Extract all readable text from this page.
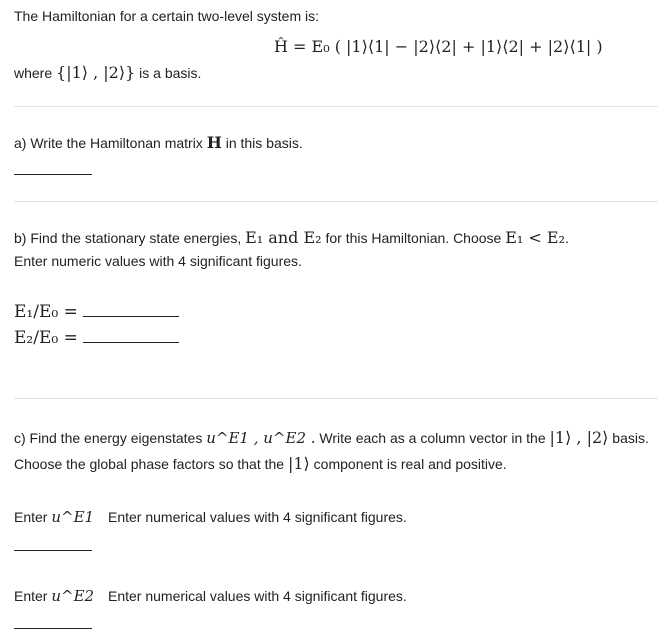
The Hamiltonian for a certain two-level system is:
Ĥ = E₀ ( |1⟩⟨1| − |2⟩⟨2| + |1⟩⟨2| + |2⟩⟨1| )
where {|1⟩ , |2⟩} is a basis.
a) Write the Hamiltonan matrix H in this basis.
b) Find the stationary state energies, E₁ and E₂ for this Hamiltonian. Choose E₁ < E₂.
Enter numeric values with 4 significant figures.
E₁/E₀ =
E₂/E₀ =
c) Find the energy eigenstates u^E1 , u^E2 . Write each as a column vector in the |1⟩ , |2⟩ basis.
Choose the global phase factors so that the |1⟩ component is real and positive.
Enter u^E1 Enter numerical values with 4 significant figures.
Enter u^E2 Enter numerical values with 4 significant figures.
